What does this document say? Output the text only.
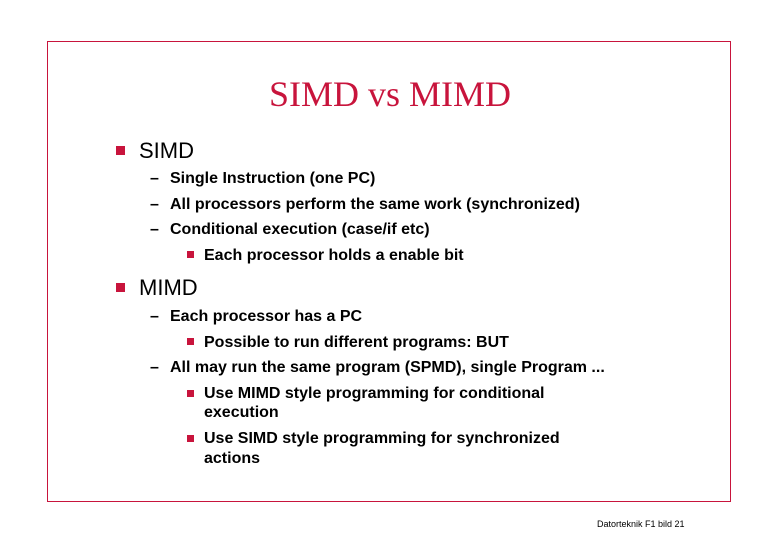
SIMD vs MIMD
SIMD
– Single Instruction (one PC)
– All processors perform the same work (synchronized)
– Conditional execution (case/if etc)
Each processor holds a enable bit
MIMD
– Each processor has a PC
Possible to run different programs: BUT
– All may run the same program (SPMD), single Program ...
Use MIMD style programming for conditional
execution
Use SIMD style programming for synchronized
actions
Datorteknik F1 bild 21
